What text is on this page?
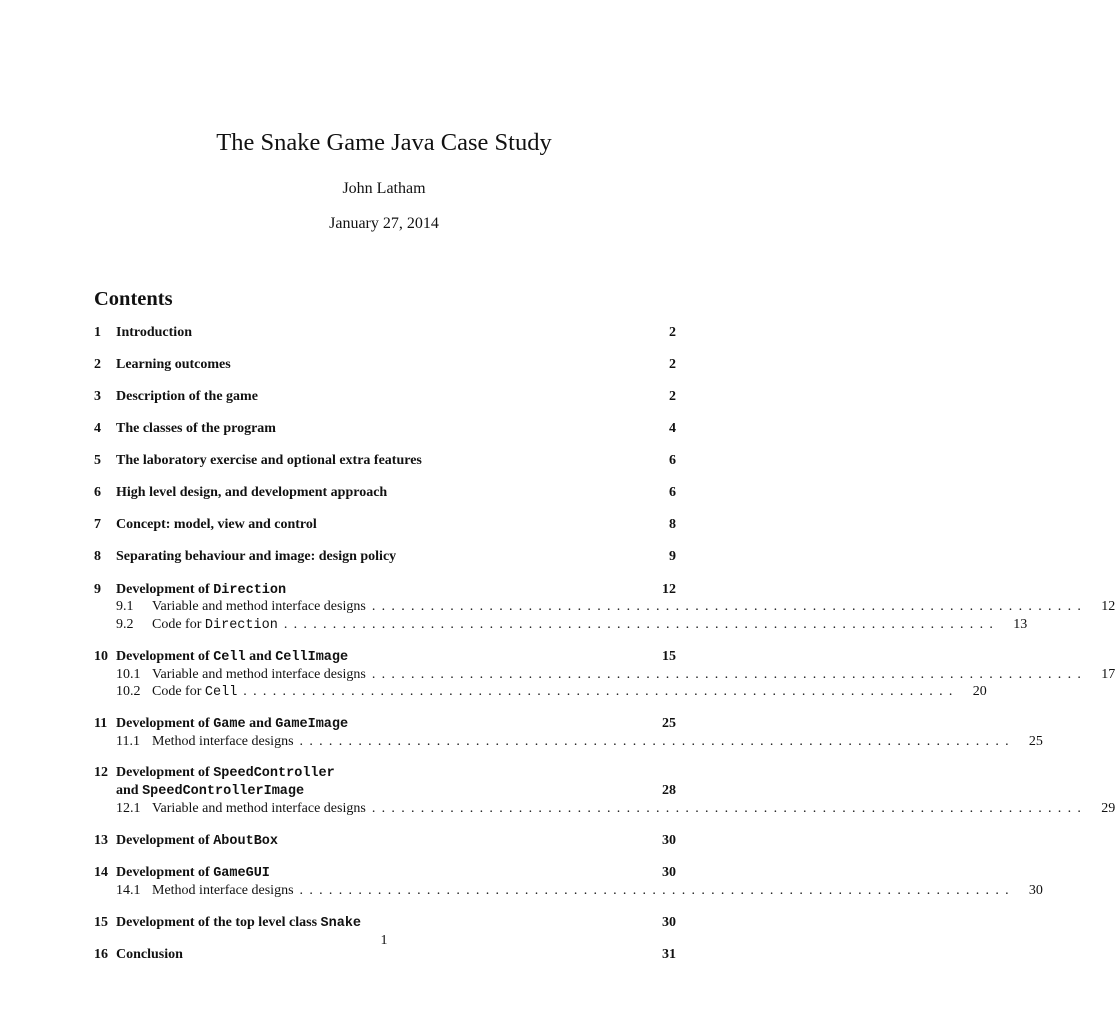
The Snake Game Java Case Study
John Latham
January 27, 2014
Contents
1	Introduction	2
2	Learning outcomes	2
3	Description of the game	2
4	The classes of the program	4
5	The laboratory exercise and optional extra features	6
6	High level design, and development approach	6
7	Concept: model, view and control	8
8	Separating behaviour and image: design policy	9
9	Development of Direction	12
9.1	Variable and method interface designs .........................................................................	12
9.2	Code for Direction .........................................................................	13
10 Development of Cell and CellImage	15
10.1 Variable and method interface designs .........................................................................	17
10.2 Code for Cell .........................................................................	20
11 Development of Game and GameImage	25
11.1 Method interface designs .........................................................................	25
12 Development of SpeedController
and SpeedControllerImage	28
12.1 Variable and method interface designs .........................................................................	29
13 Development of AboutBox	30
14 Development of GameGUI	30
14.1 Method interface designs .........................................................................	30
15 Development of the top level class Snake	30
16 Conclusion	31
1
